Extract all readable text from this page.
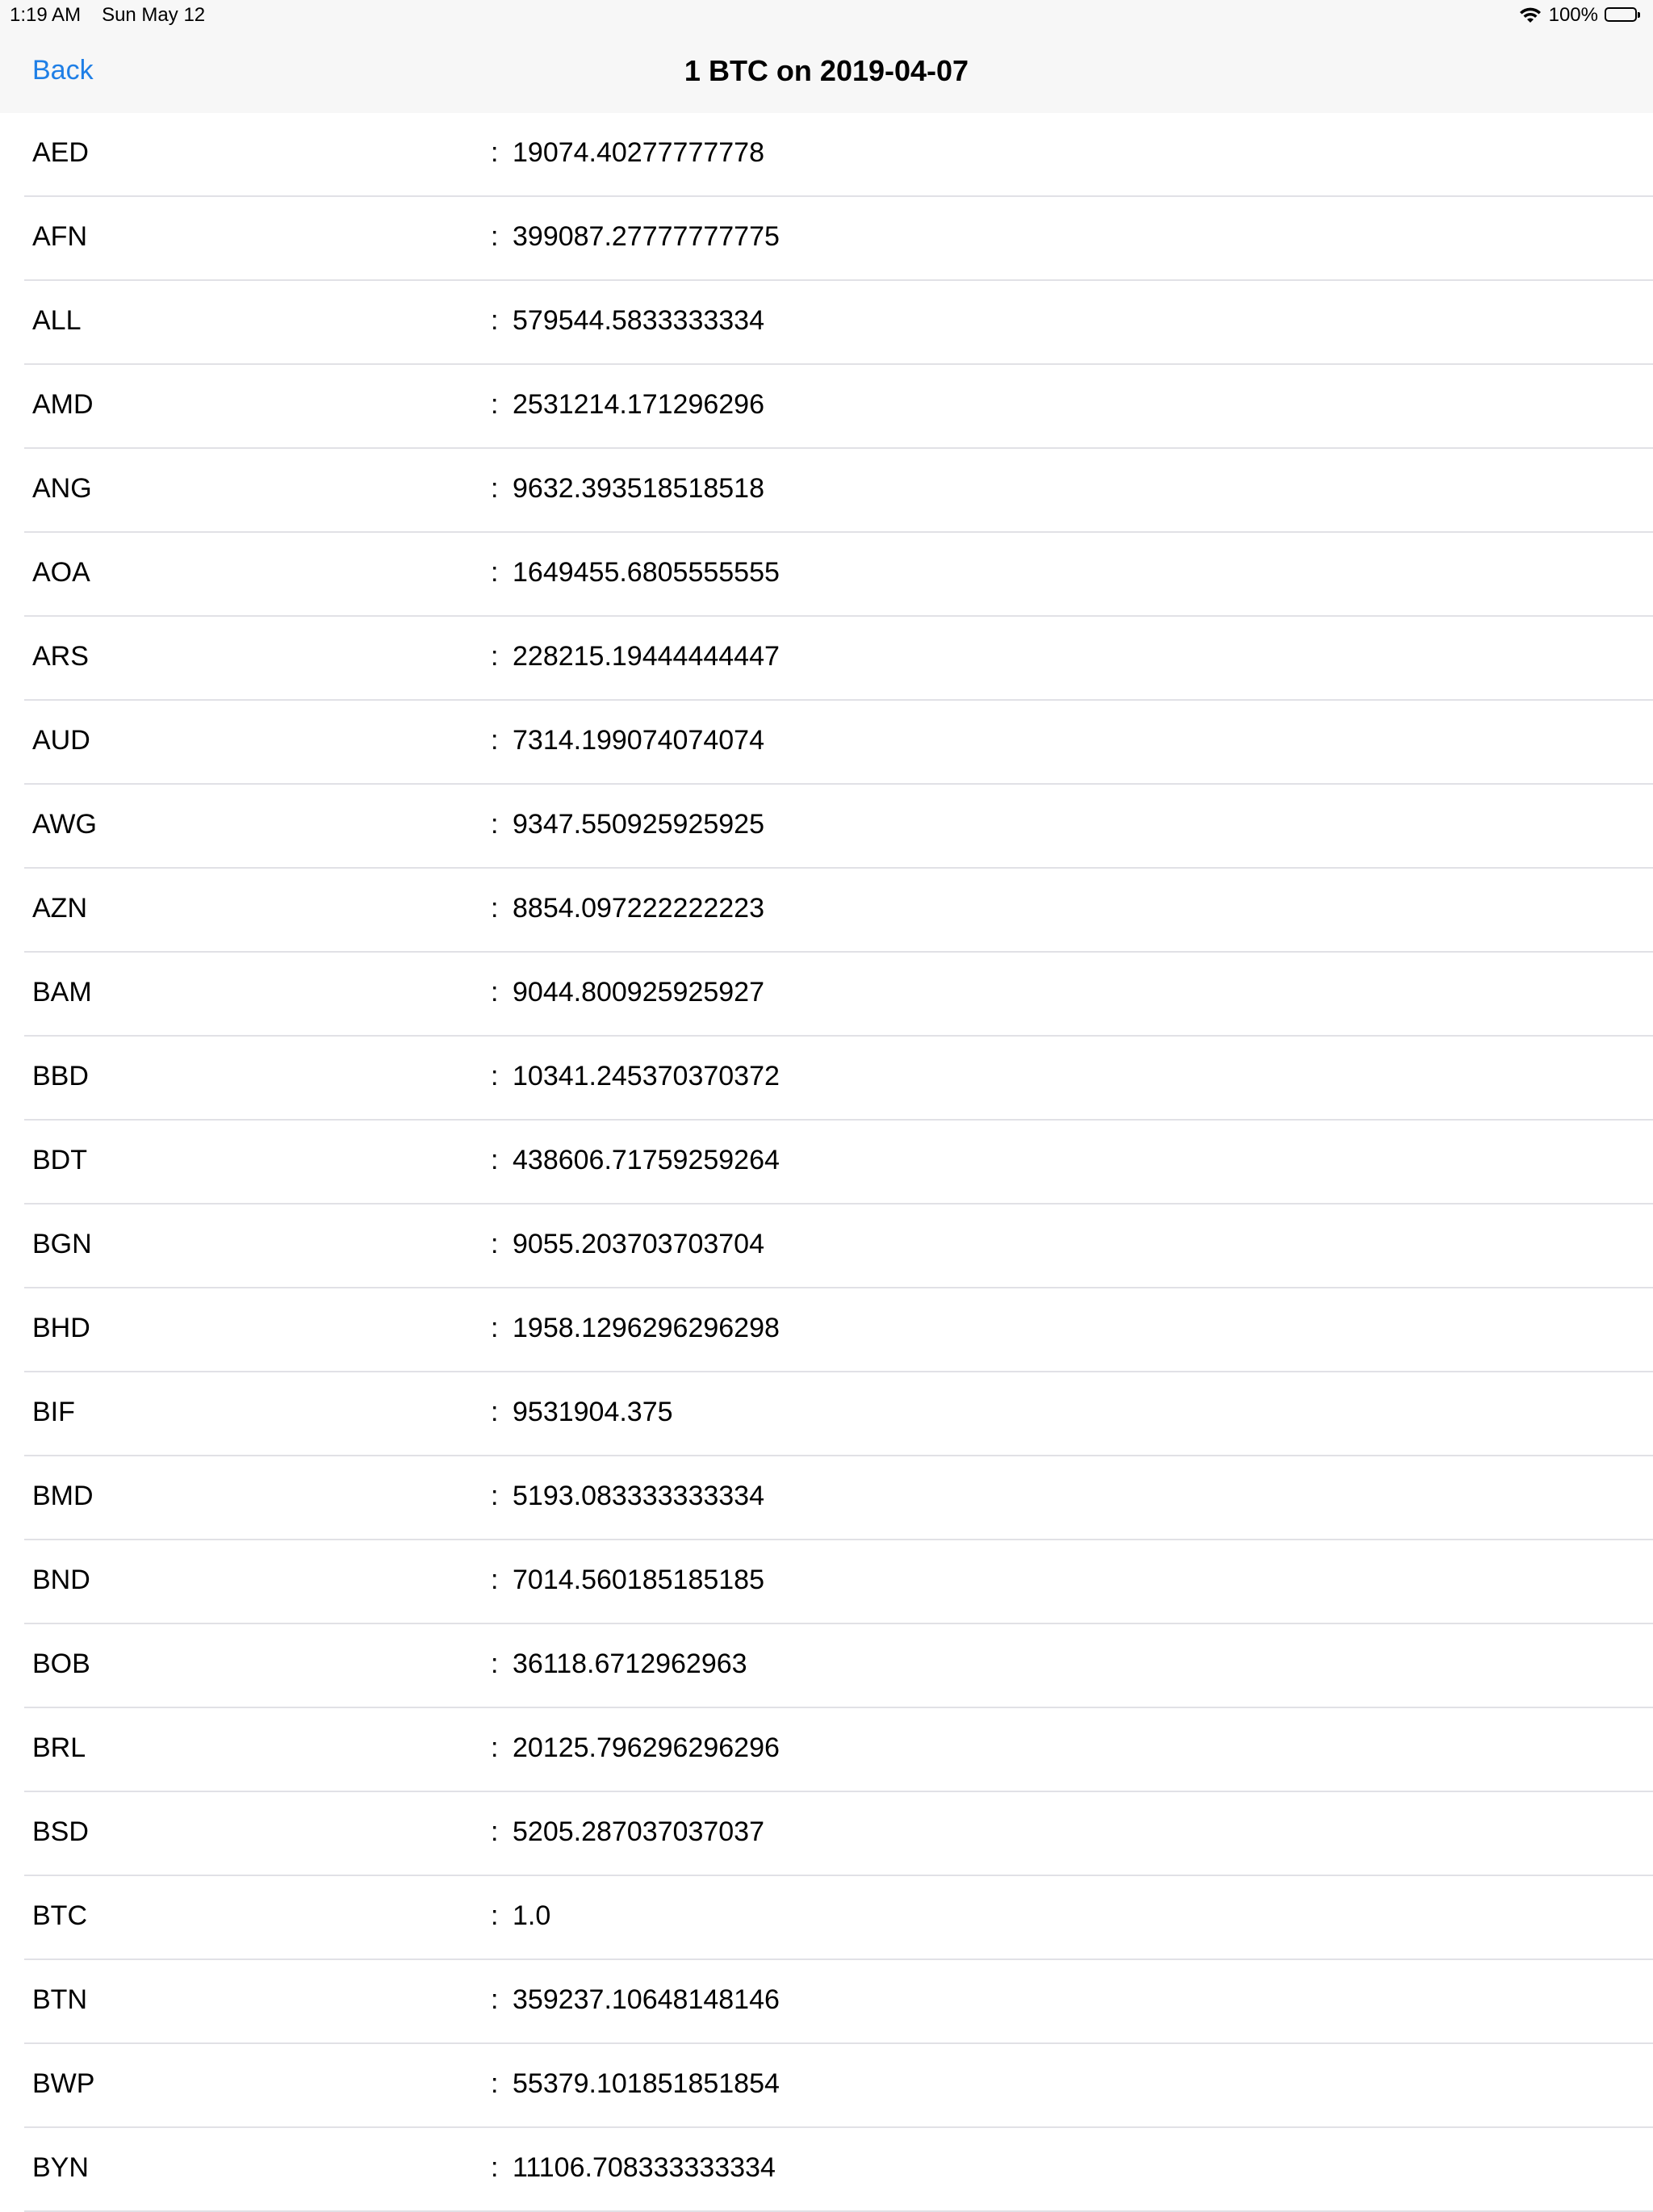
1:19 AM Sun May 12	100%
Back	1 BTC on 2019-04-07
AED	: 19074.40277777778
AFN	: 399087.27777777775
ALL	: 579544.5833333334
AMD	: 2531214.171296296
ANG	: 9632.393518518518
AOA	: 1649455.6805555555
ARS	: 228215.19444444447
AUD	: 7314.199074074074
AWG	: 9347.550925925925
AZN	: 8854.097222222223
BAM	: 9044.800925925927
BBD	: 10341.245370370372
BDT	: 438606.71759259264
BGN	: 9055.203703703704
BHD	: 1958.1296296296298
BIF	: 9531904.375
BMD	: 5193.083333333334
BND	: 7014.560185185185
BOB	: 36118.6712962963
BRL	: 20125.796296296296
BSD	: 5205.287037037037
BTC	: 1.0
BTN	: 359237.10648148146
BWP	: 55379.101851851854
BYN	: 11106.708333333334
